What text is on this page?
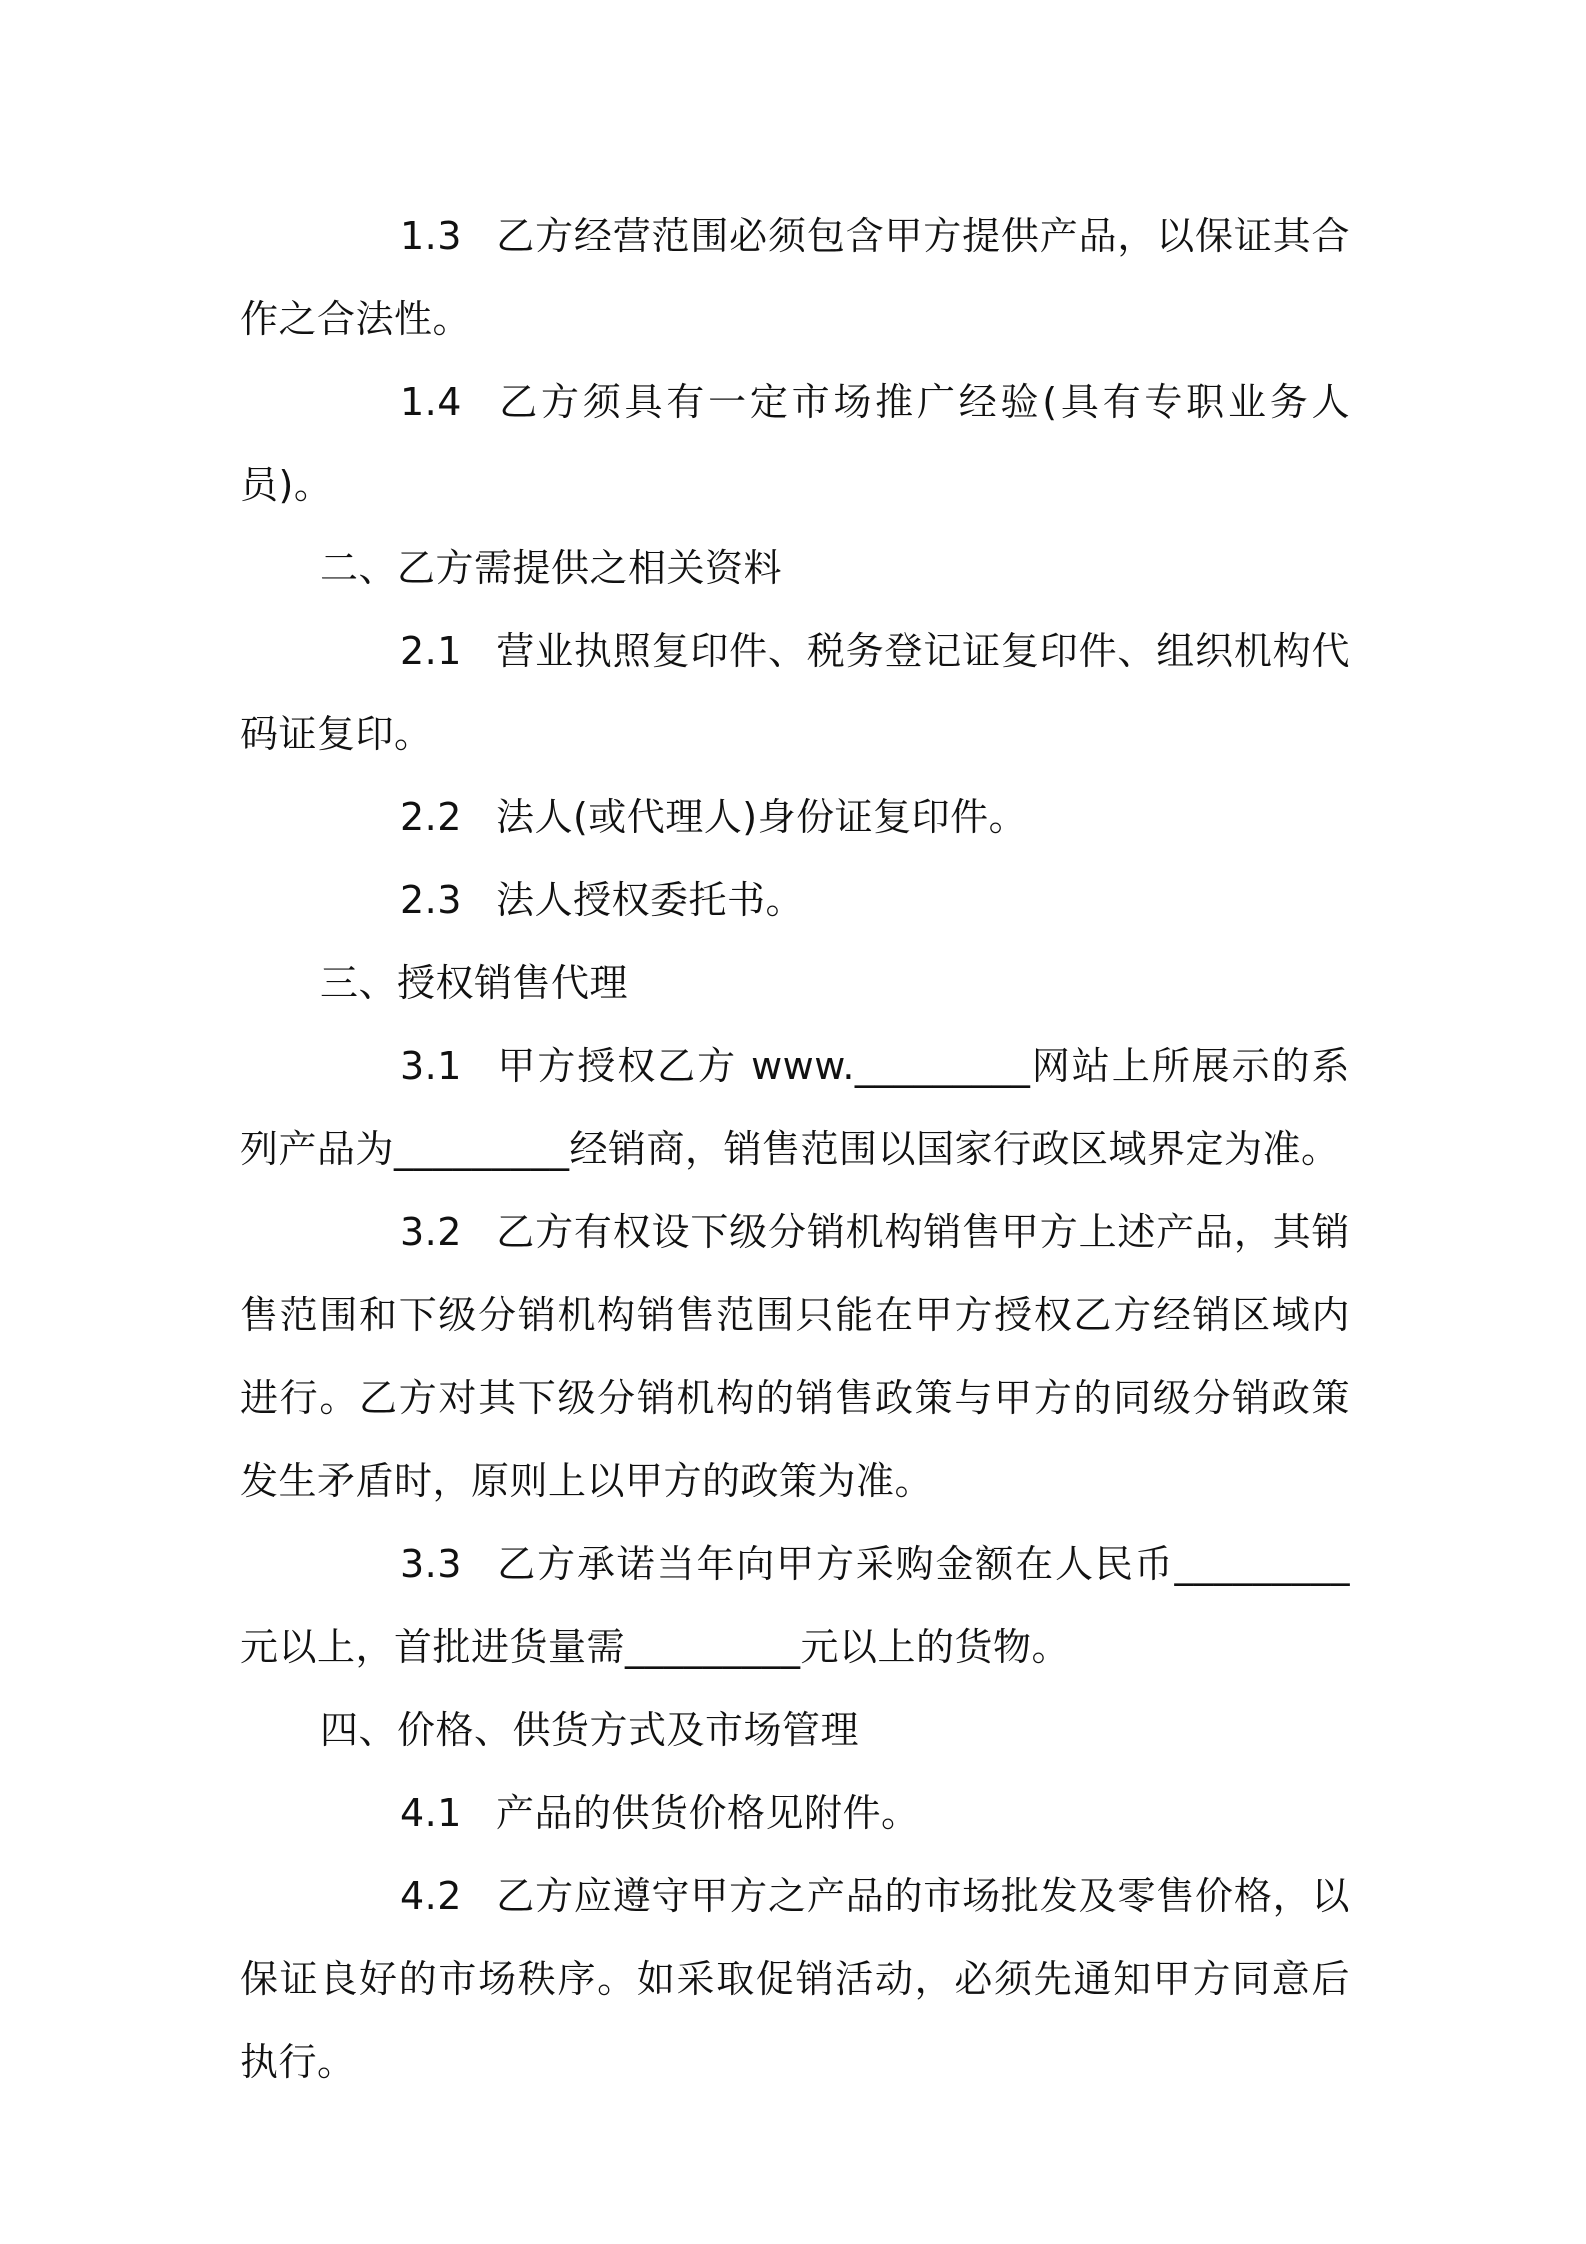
1.3 乙方经营范围必须包含甲方提供产品，以保证其合作之合法性。

1.4 乙方须具有一定市场推广经验(具有专职业务人员)。

二、乙方需提供之相关资料

2.1 营业执照复印件、税务登记证复印件、组织机构代码证复印。

2.2 法人(或代理人)身份证复印件。

2.3 法人授权委托书。

三、授权销售代理

3.1 甲方授权乙方 www._________网站上所展示的系列产品为_________经销商，销售范围以国家行政区域界定为准。

3.2 乙方有权设下级分销机构销售甲方上述产品，其销售范围和下级分销机构销售范围只能在甲方授权乙方经销区域内进行。乙方对其下级分销机构的销售政策与甲方的同级分销政策发生矛盾时，原则上以甲方的政策为准。

3.3 乙方承诺当年向甲方采购金额在人民币_________元以上，首批进货量需_________元以上的货物。

四、价格、供货方式及市场管理

4.1 产品的供货价格见附件。

4.2 乙方应遵守甲方之产品的市场批发及零售价格，以保证良好的市场秩序。如采取促销活动，必须先通知甲方同意后执行。
